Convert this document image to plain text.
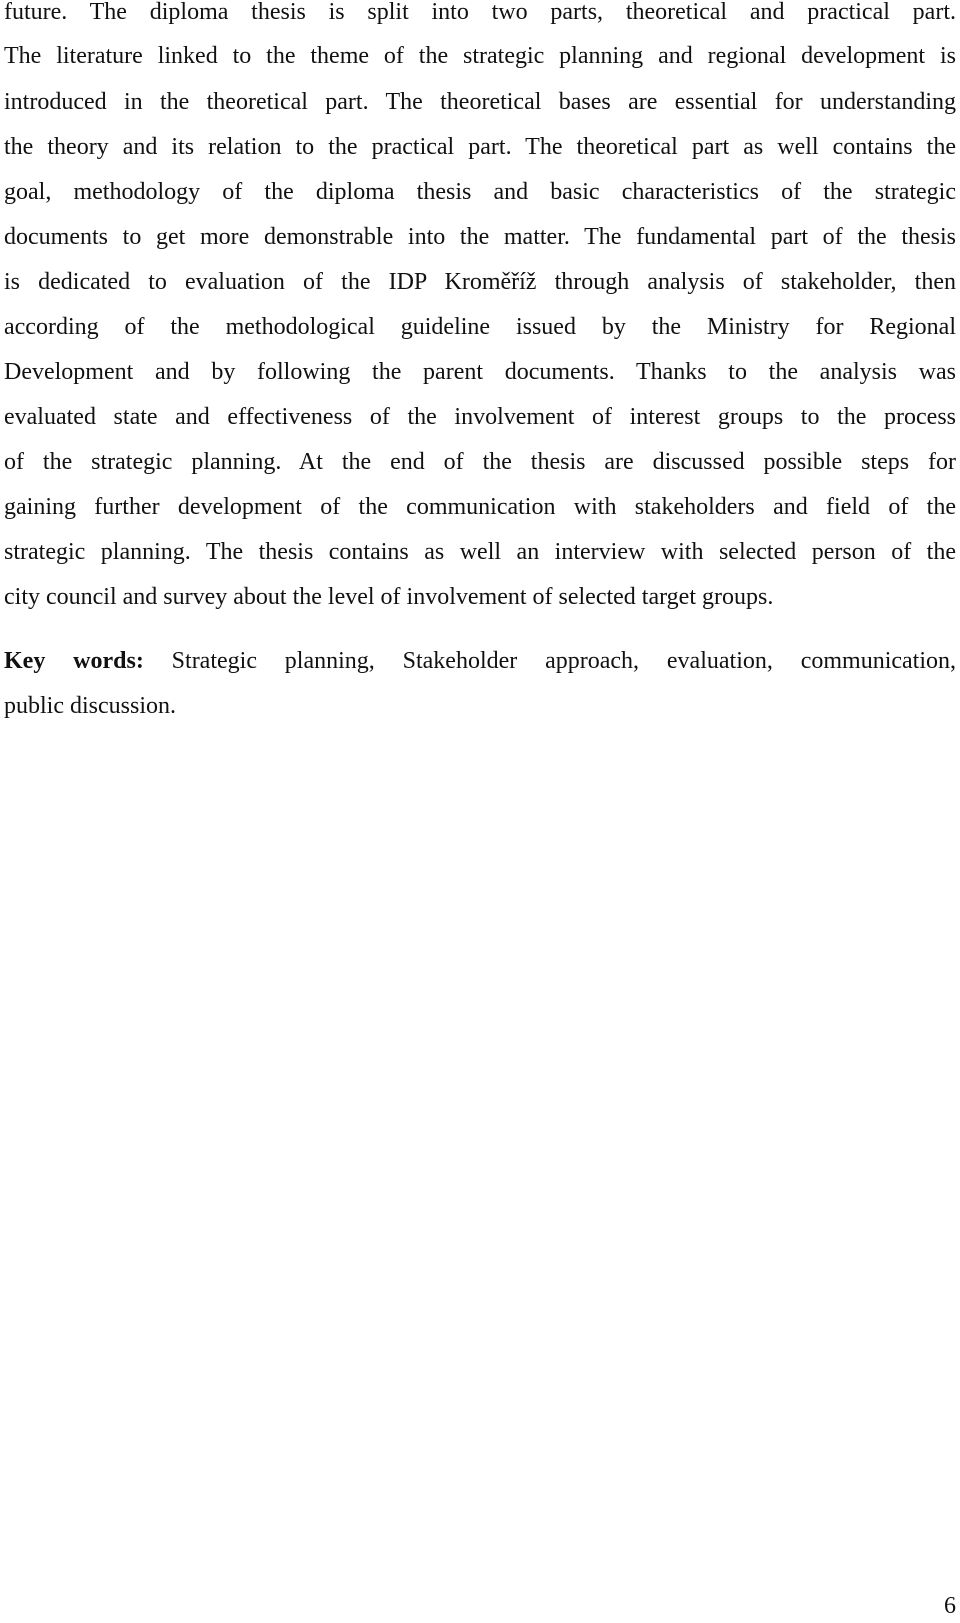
future. The diploma thesis is split into two parts, theoretical and practical part.
The literature linked to the theme of the strategic planning and regional development is
introduced in the theoretical part. The theoretical bases are essential for understanding
the theory and its relation to the practical part. The theoretical part as well contains the
goal, methodology of the diploma thesis and basic characteristics of the strategic
documents to get more demonstrable into the matter. The fundamental part of the thesis
is dedicated to evaluation of the IDP Kroměříž through analysis of stakeholder, then
according of the methodological guideline issued by the Ministry for Regional
Development and by following the parent documents. Thanks to the analysis was
evaluated state and effectiveness of the involvement of interest groups to the process
of the strategic planning. At the end of the thesis are discussed possible steps for
gaining further development of the communication with stakeholders and field of the
strategic planning. The thesis contains as well an interview with selected person of the
city council and survey about the level of involvement of selected target groups.
Key words: Strategic planning, Stakeholder approach, evaluation, communication,
public discussion.
6
